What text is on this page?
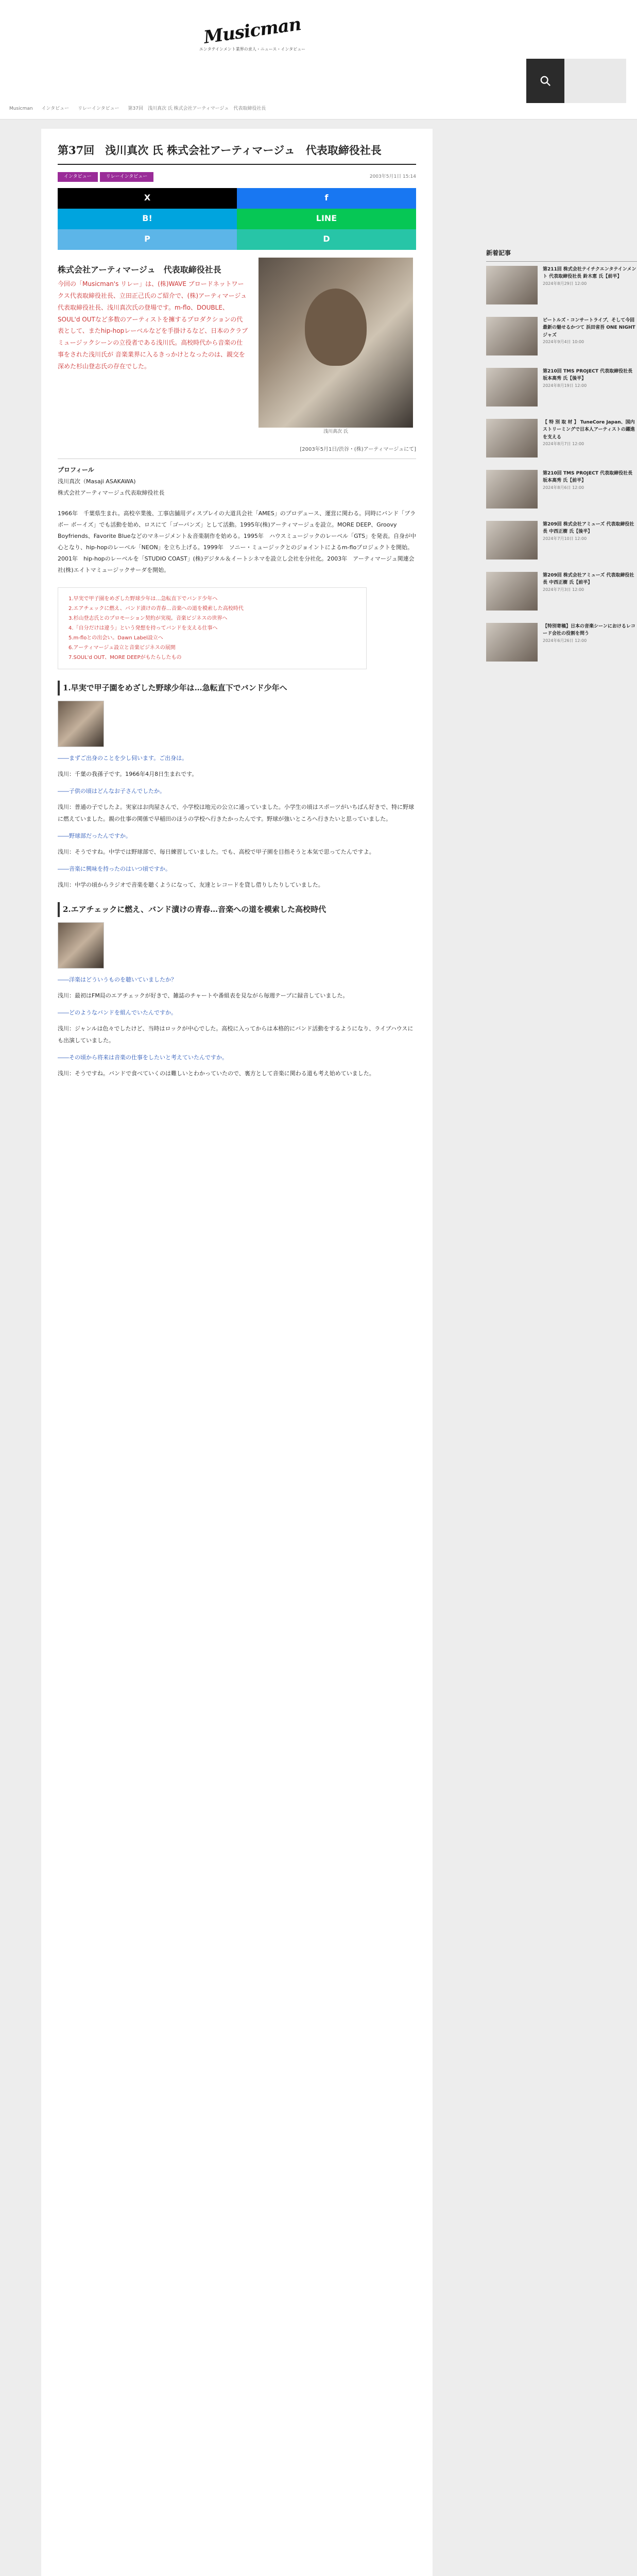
Musicman
エンタテインメント業界の求人・ニュース・インタビュー
Musicman インタビュー リレーインタビュー 第37回　浅川真次 氏 株式会社アーティマージュ　代表取締役社長
第37回　浅川真次 氏 株式会社アーティマージュ　代表取締役社長
インタビュー	リレーインタビュー	2003年5月1日 15:14
X	f
B!	LINE
P	D
株式会社アーティマージュ　代表取締役社長
今回の「Musicman's リレー」は、(株)WAVE ブロードネットワークス代表取締役社長、立田正己氏のご紹介で、(株)アーティマージュ代表取締役社長、浅川真次氏の登場です。m-flo、DOUBLE、SOUL'd OUTなど多数のアーティストを擁するプロダクションの代表として、またhip-hopレーベルなどを手掛けるなど、日本のクラブミュージックシーンの立役者である浅川氏。高校時代から音楽の仕事をされた浅川氏が 音楽業界に入るきっかけとなったのは、親交を深めた杉山登志氏の存在でした。
浅川真次 氏
[2003年5月1日/渋谷・(株)アーティマージュにて]
プロフィール

浅川真次（Masaji ASAKAWA)

株式会社アーティマージュ代表取締役社長

1966年　千葉県生まれ。高校卒業後、工事店舗用ディスプレイの大道具会社「AMES」のプロデュース、運営に関わる。同時にバンド「ブラボー ボーイズ」でも活動を始め、ロスにて「ゴーバンズ」として活動。1995年(株)アーティマージュを設立。MORE DEEP、Groovy Boyfriends、Favorite Blueなどのマネージメント＆音楽制作を始める。1995年　ハウスミュージックのレーベル「GTS」を発表。自身が中心となり、hip-hopのレーベル「NEON」を立ち上げる。1999年　ソニー・ミュージックとのジョイントによるm-floプロジェクトを開始。2001年　hip-hopのレーベルを「STUDIO COAST」(株)デジタル＆イートシネマを設立し会社を分社化。2003年　アーティマージュ関連会社(株)エイトマミュージックサーダを開始。

1.早実で甲子園をめざした野球少年は…急転直下でバンド少年へ
2.エアチェックに燃え、バンド漬けの青春…音楽への道を模索した高校時代
3.杉山登志氏とのプロモーション契約が実現。音楽ビジネスの世界へ
4.「自分だけは違う」という発想を持ってバンドを支える仕事へ
5.m-floとの出会い。Dawn Label設立へ
6.アーティマージュ設立と音楽ビジネスの展開
7.SOUL'd OUT、MORE DEEPがもたらしたもの
1.早実で甲子園をめざした野球少年は…急転直下でバンド少年へ
――まずご出身のことを少し伺います。ご出身は。
浅川：千葉の我孫子です。1966年4月8日生まれです。
――子供の頃はどんなお子さんでしたか。
浅川：普通の子でしたよ。実家はお肉屋さんで、小学校は地元の公立に通っていました。小学生の頃はスポーツがいちばん好きで、特に野球に燃えていました。親の仕事の関係で早稲田のほうの学校へ行きたかったんです。野球が強いところへ行きたいと思っていました。
――野球部だったんですか。
浅川：そうですね。中学では野球部で、毎日練習していました。でも、高校で甲子園を目指そうと本気で思ってたんですよ。
――音楽に興味を持ったのはいつ頃ですか。
浅川：中学の頃からラジオで音楽を聴くようになって、友達とレコードを貸し借りしたりしていました。
2.エアチェックに燃え、バンド漬けの青春…音楽への道を模索した高校時代
――洋楽はどういうものを聴いていましたか？
浅川：最初はFM局のエアチェックが好きで、雑誌のチャートや番組表を見ながら毎週テープに録音していました。
――どのようなバンドを組んでいたんですか。
浅川：ジャンルは色々でしたけど、当時はロックが中心でした。高校に入ってからは本格的にバンド活動をするようになり、ライブハウスにも出演していました。
――その頃から将来は音楽の仕事をしたいと考えていたんですか。
浅川：そうですね。バンドで食べていくのは難しいとわかっていたので、裏方として音楽に関わる道も考え始めていました。
新着記事
第211回 株式会社テイチクエンタテインメント 代表取締役社長 鈴木恵 氏【前半】
2024年8月29日 12:00
ビートルズ・コンサートライブ、そして今回最新の魅せるかつて 浜田省吾 ONE NIGHT ジャズ
2024年9月4日 10:00
第210回 TMS PROJECT 代表取締役社長 坂本高秀 氏【後半】
2024年8月19日 12:00
【 特 別 取 材 】 TuneCore Japan、国内ストリーミングで日本人アーティストの躍進を支える
2024年8月7日 12:00
第210回 TMS PROJECT 代表取締役社長 坂本高秀 氏【前半】
2024年8月6日 12:00
第209回 株式会社アミューズ 代表取締役社長 中西正樹 氏【後半】
2024年7月10日 12:00
第209回 株式会社アミューズ 代表取締役社長 中西正樹 氏【前半】
2024年7月3日 12:00
【特別寄稿】日本の音楽シーンにおけるレコード会社の役割を問う
2024年6月26日 12:00
